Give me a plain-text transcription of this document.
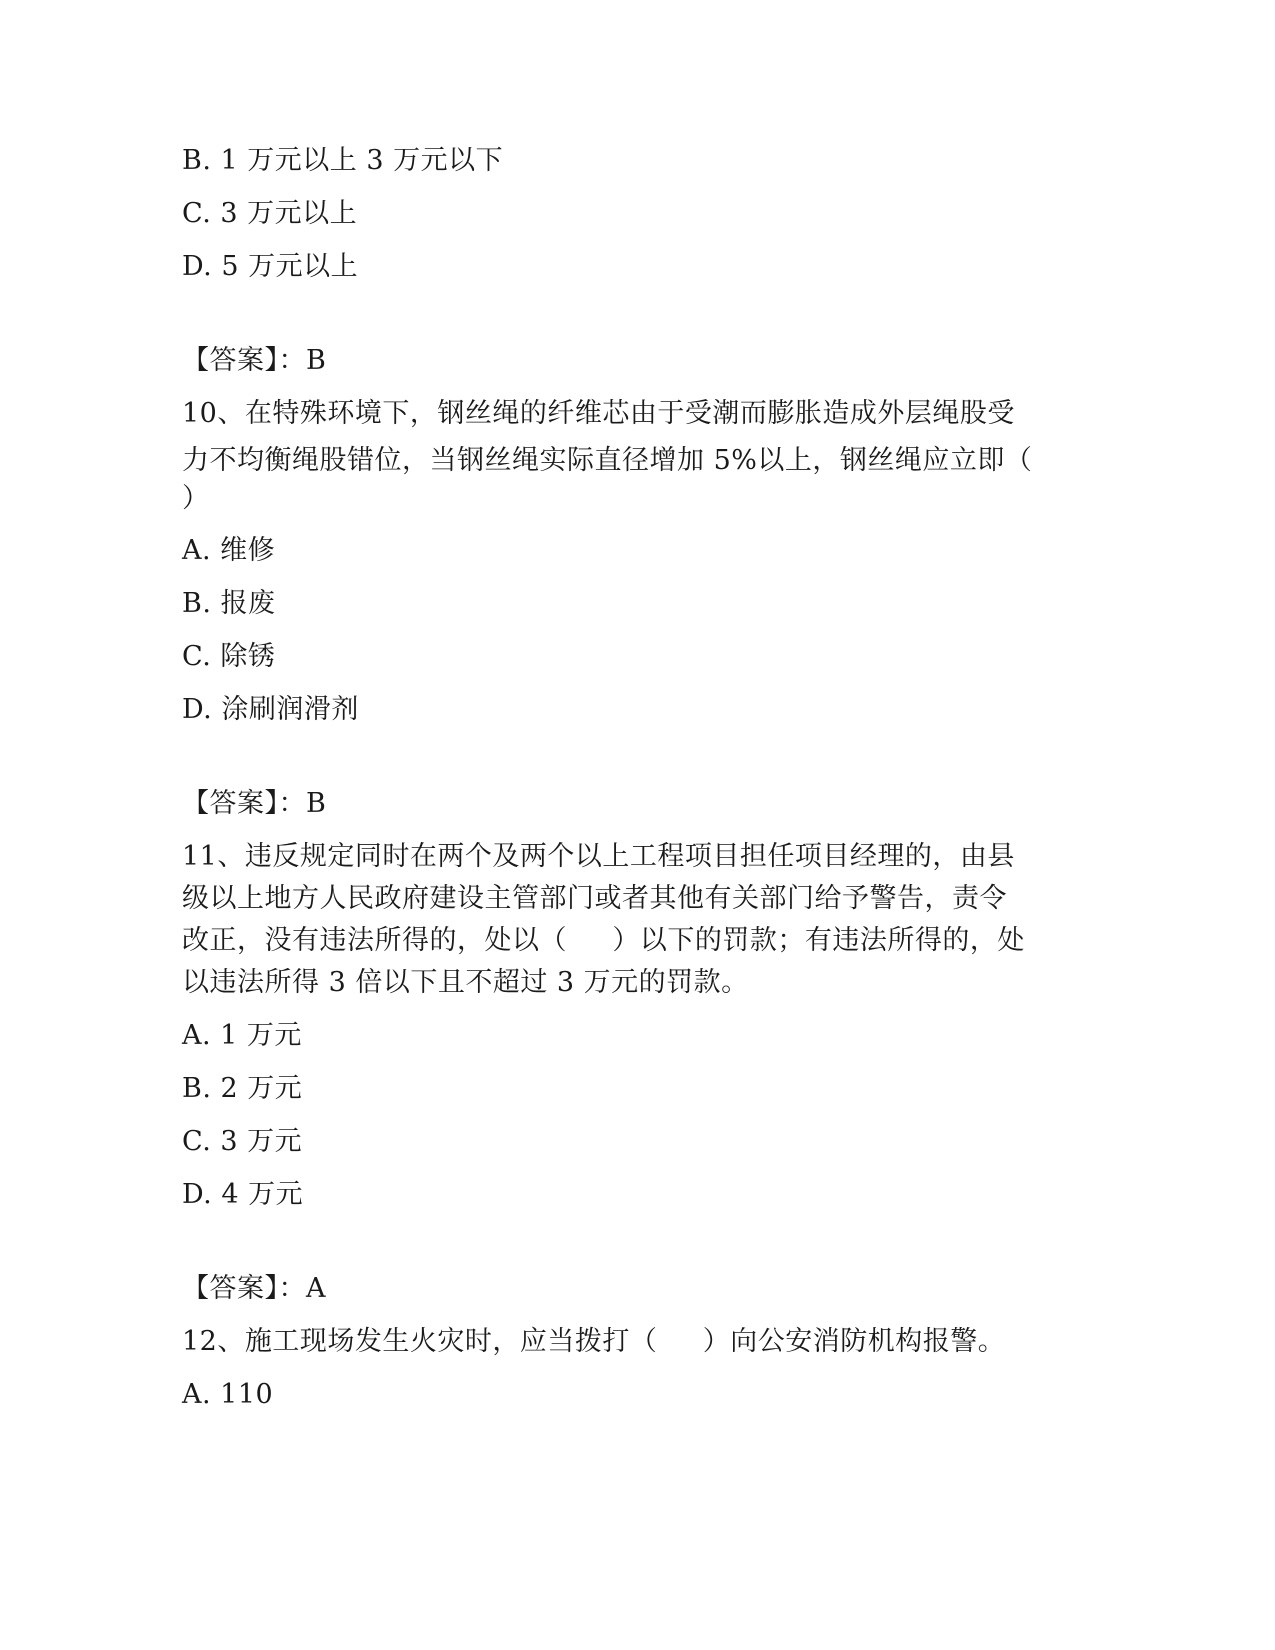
B. 1 万元以上 3 万元以下
C. 3 万元以上
D. 5 万元以上
【答案】：B
10、在特殊环境下，钢丝绳的纤维芯由于受潮而膨胀造成外层绳股受
力不均衡绳股错位，当钢丝绳实际直径增加 5%以上，钢丝绳应立即（
）
A. 维修
B. 报废
C. 除锈
D. 涂刷润滑剂
【答案】：B
11、违反规定同时在两个及两个以上工程项目担任项目经理的，由县
级以上地方人民政府建设主管部门或者其他有关部门给予警告，责令
改正，没有违法所得的，处以（     ）以下的罚款；有违法所得的，处
以违法所得 3 倍以下且不超过 3 万元的罚款。
A. 1 万元
B. 2 万元
C. 3 万元
D. 4 万元
【答案】：A
12、施工现场发生火灾时，应当拨打（     ）向公安消防机构报警。
A. 110
